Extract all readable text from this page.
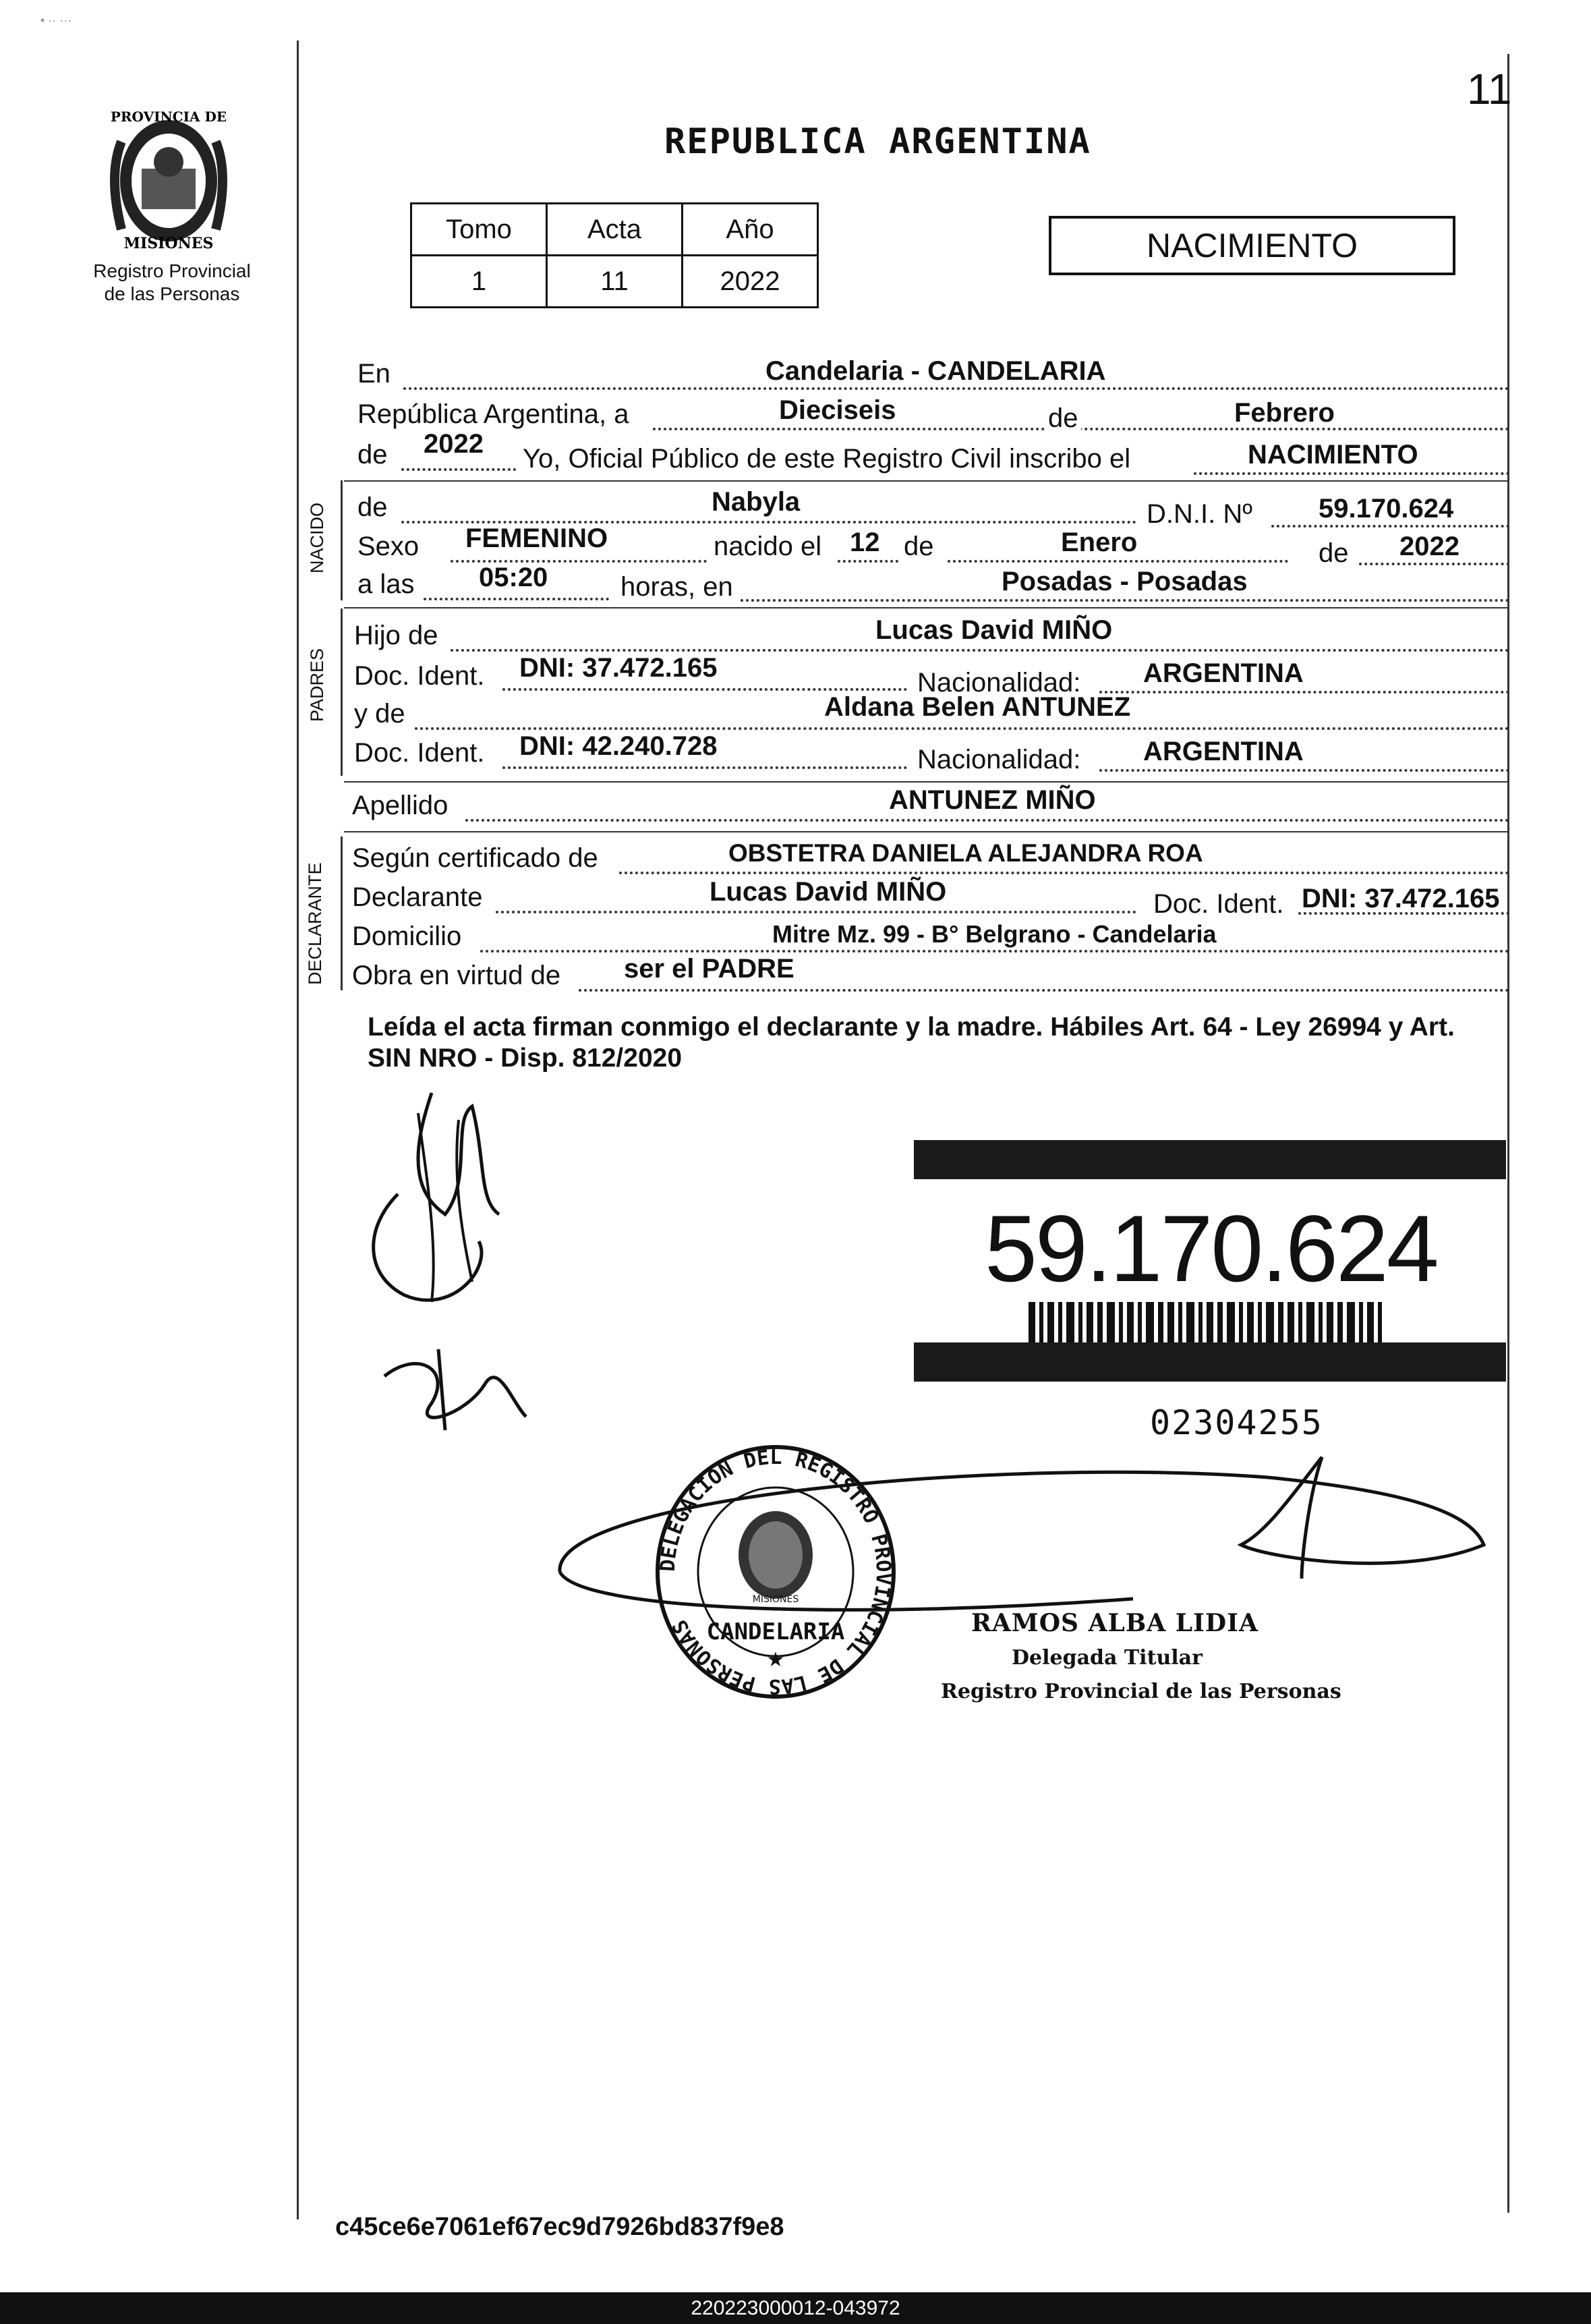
• ·· ···
11
PROVINCIA DE
MISIONES
Registro Provincial
de las Personas
REPUBLICA ARGENTINA
Tomo	Acta	Año
1	11	2022
NACIMIENTO
En	Candelaria - CANDELARIA
República Argentina, a	Dieciseis	de	Febrero
de 2022 Yo, Oficial Público de este Registro Civil inscribo el	NACIMIENTO
NACIDO de	Nabyla	D.N.I. Nº 59.170.624
Sexo FEMENINO	nacido el 12 de	Enero	de 2022
a las 05:20	horas, en	Posadas - Posadas
PADRES
Hijo de	Lucas David MIÑO
Doc. Ident. DNI: 37.472.165	Nacionalidad: ARGENTINA
y de	Aldana Belen ANTUNEZ
Doc. Ident. DNI: 42.240.728	Nacionalidad: ARGENTINA
Apellido	ANTUNEZ MIÑO
DECLARANTE
Según certificado de	OBSTETRA DANIELA ALEJANDRA ROA
Declarante	Lucas David MIÑO	Doc. Ident. DNI: 37.472.165
Domicilio	Mitre Mz. 99 - B° Belgrano - Candelaria
Obra en virtud de ser el PADRE
Leída el acta firman conmigo el declarante y la madre. Hábiles Art. 64 - Ley 26994 y Art. SIN NRO - Disp. 812/2020
59.170.624
02304255
DELEGACION DEL REGISTRO PROVINCIAL DE LAS PERSONAS
MISIONES
CANDELARIA
★
RAMOS ALBA LIDIA
Delegada Titular
Registro Provincial de las Personas
c45ce6e7061ef67ec9d7926bd837f9e8
220223000012-043972
